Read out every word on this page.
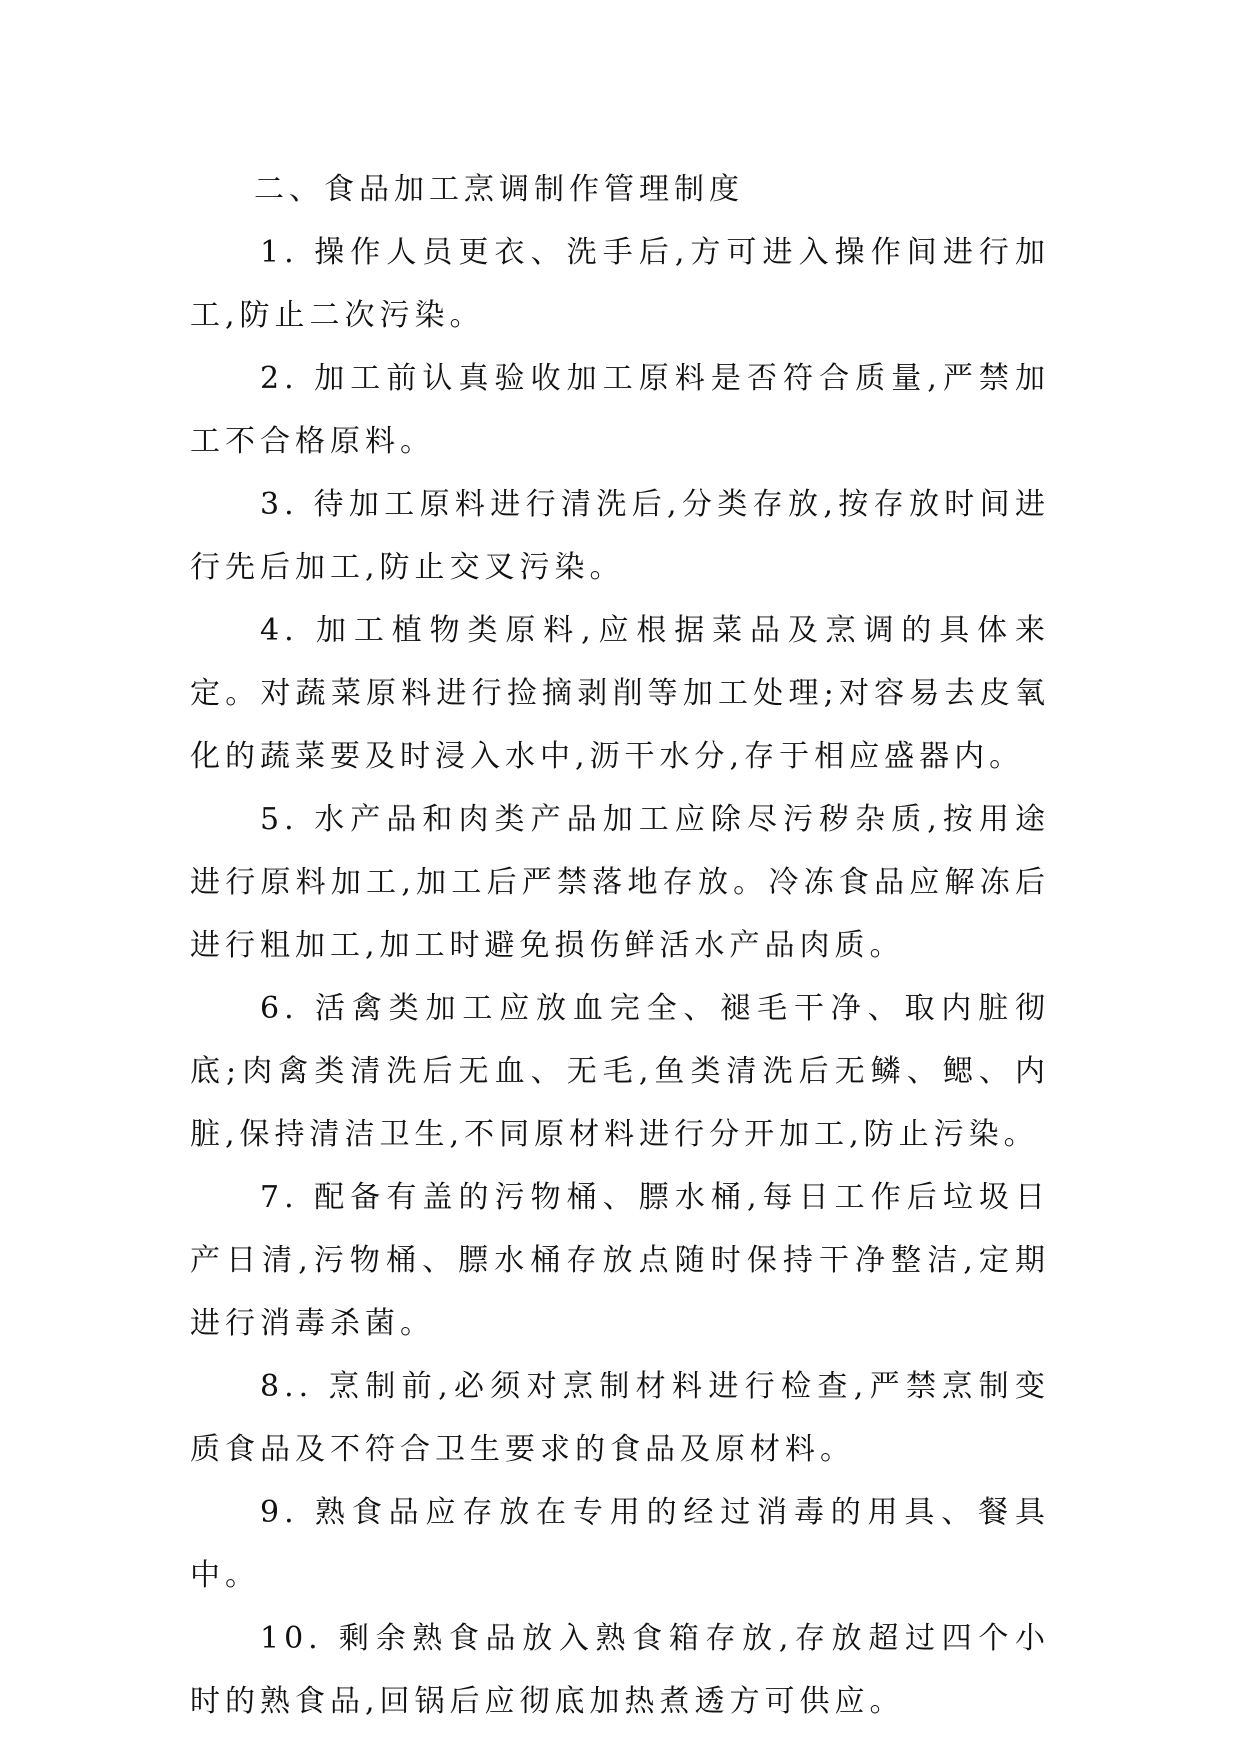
二、食品加工烹调制作管理制度

1. 操作人员更衣、洗手后,方可进入操作间进行加工,防止二次污染。

2. 加工前认真验收加工原料是否符合质量,严禁加工不合格原料。

3. 待加工原料进行清洗后,分类存放,按存放时间进行先后加工,防止交叉污染。

4. 加工植物类原料,应根据菜品及烹调的具体来定。对蔬菜原料进行捡摘剥削等加工处理;对容易去皮氧化的蔬菜要及时浸入水中,沥干水分,存于相应盛器内。

5. 水产品和肉类产品加工应除尽污秽杂质,按用途进行原料加工,加工后严禁落地存放。冷冻食品应解冻后进行粗加工,加工时避免损伤鲜活水产品肉质。

6. 活禽类加工应放血完全、褪毛干净、取内脏彻底;肉禽类清洗后无血、无毛,鱼类清洗后无鳞、鳃、内脏,保持清洁卫生,不同原材料进行分开加工,防止污染。

7. 配备有盖的污物桶、膘水桶,每日工作后垃圾日产日清,污物桶、膘水桶存放点随时保持干净整洁,定期进行消毒杀菌。

8.. 烹制前,必须对烹制材料进行检查,严禁烹制变质食品及不符合卫生要求的食品及原材料。

9. 熟食品应存放在专用的经过消毒的用具、餐具中。

10. 剩余熟食品放入熟食箱存放,存放超过四个小时的熟食品,回锅后应彻底加热煮透方可供应。
